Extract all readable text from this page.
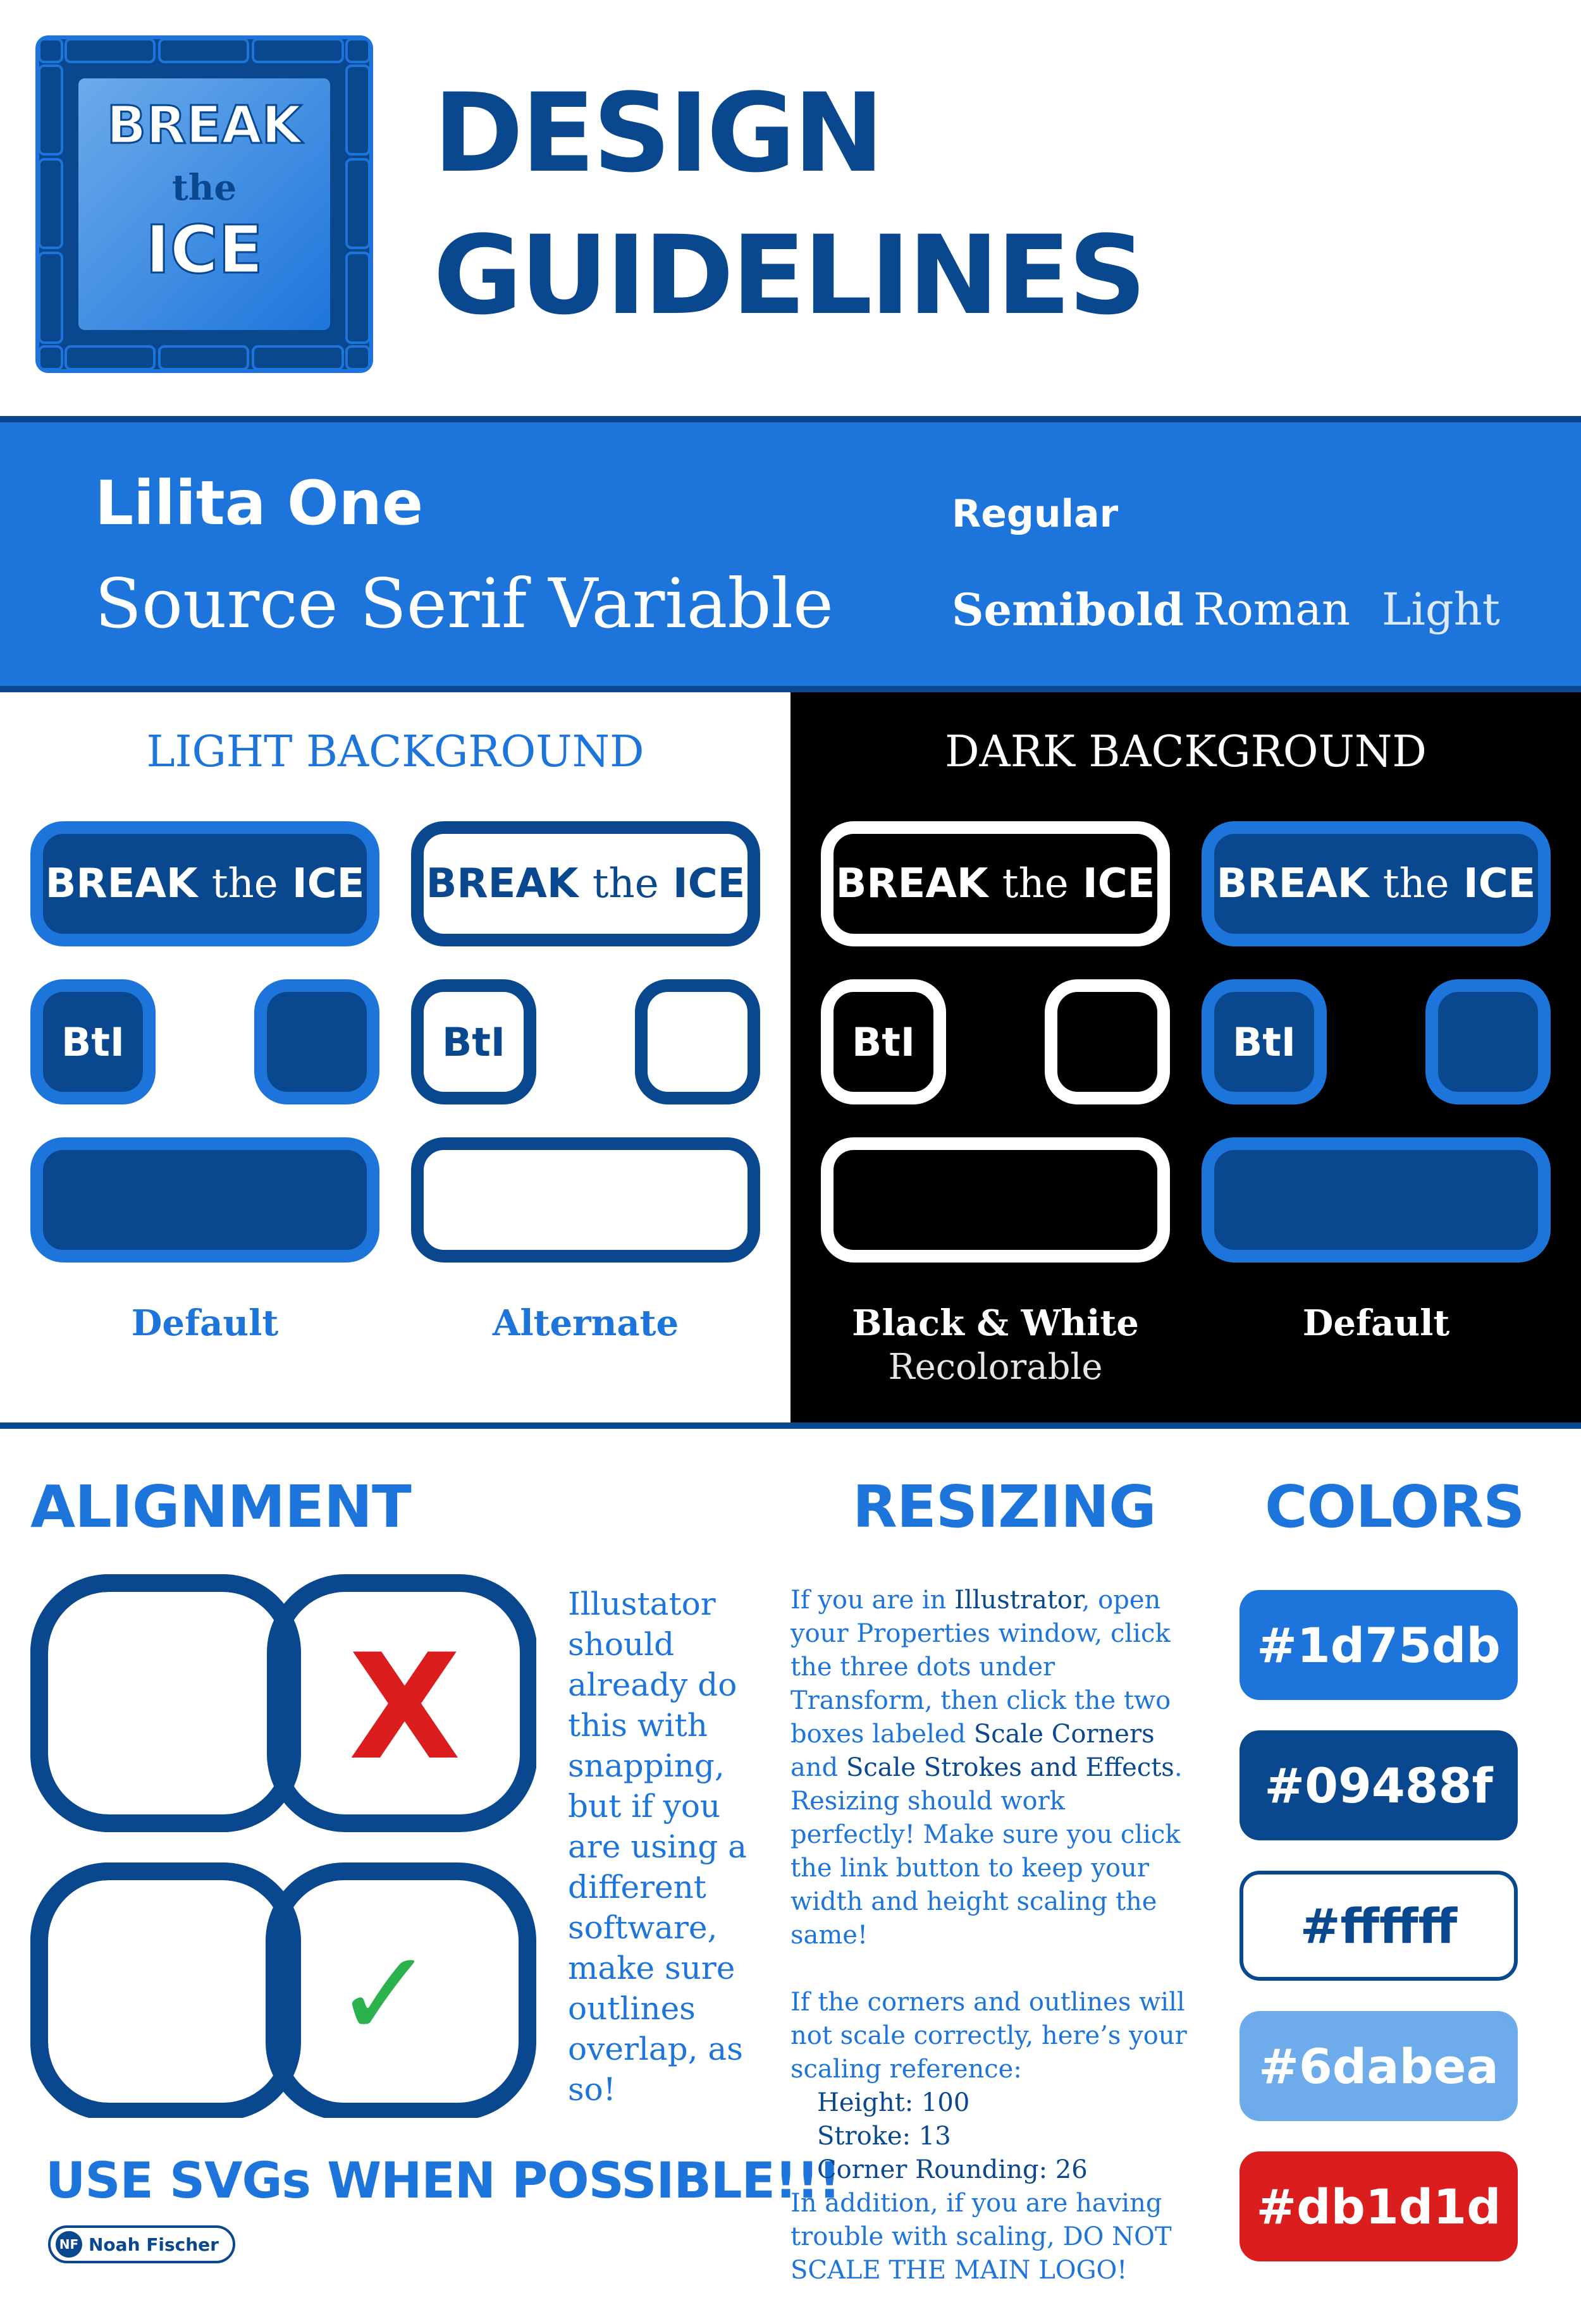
BREAK
the
ICE
DESIGN
GUIDELINES
Lilita One
Source Serif Variable
Regular
Semibold Roman Light
LIGHT BACKGROUND	DARK BACKGROUND
BREAK the ICE
BtI
BREAK the ICE
BtI
BREAK the ICE
BtI
BREAK the ICE
BtI
Default	Alternate	Black & White
Recolorable
Default
ALIGNMENT
X
✓
Illustator should already do this with snapping, but if you are using a different software, make sure outlines overlap, as so!
USE SVGs WHEN POSSIBLE!!!
NF Noah Fischer
RESIZING

If you are in Illustrator, open your Properties window, click the three dots under Transform, then click the two boxes labeled Scale Corners and Scale Strokes and Effects. Resizing should work perfectly! Make sure you click the link button to keep your width and height scaling the same!

If the corners and outlines will not scale correctly, here’s your scaling reference:

Height: 100

Stroke: 13

Corner Rounding: 26

In addition, if you are having trouble with scaling, DO NOT SCALE THE MAIN LOGO!

COLORS
#1d75db
#09488f
#ffffff
#6dabea
#db1d1d
